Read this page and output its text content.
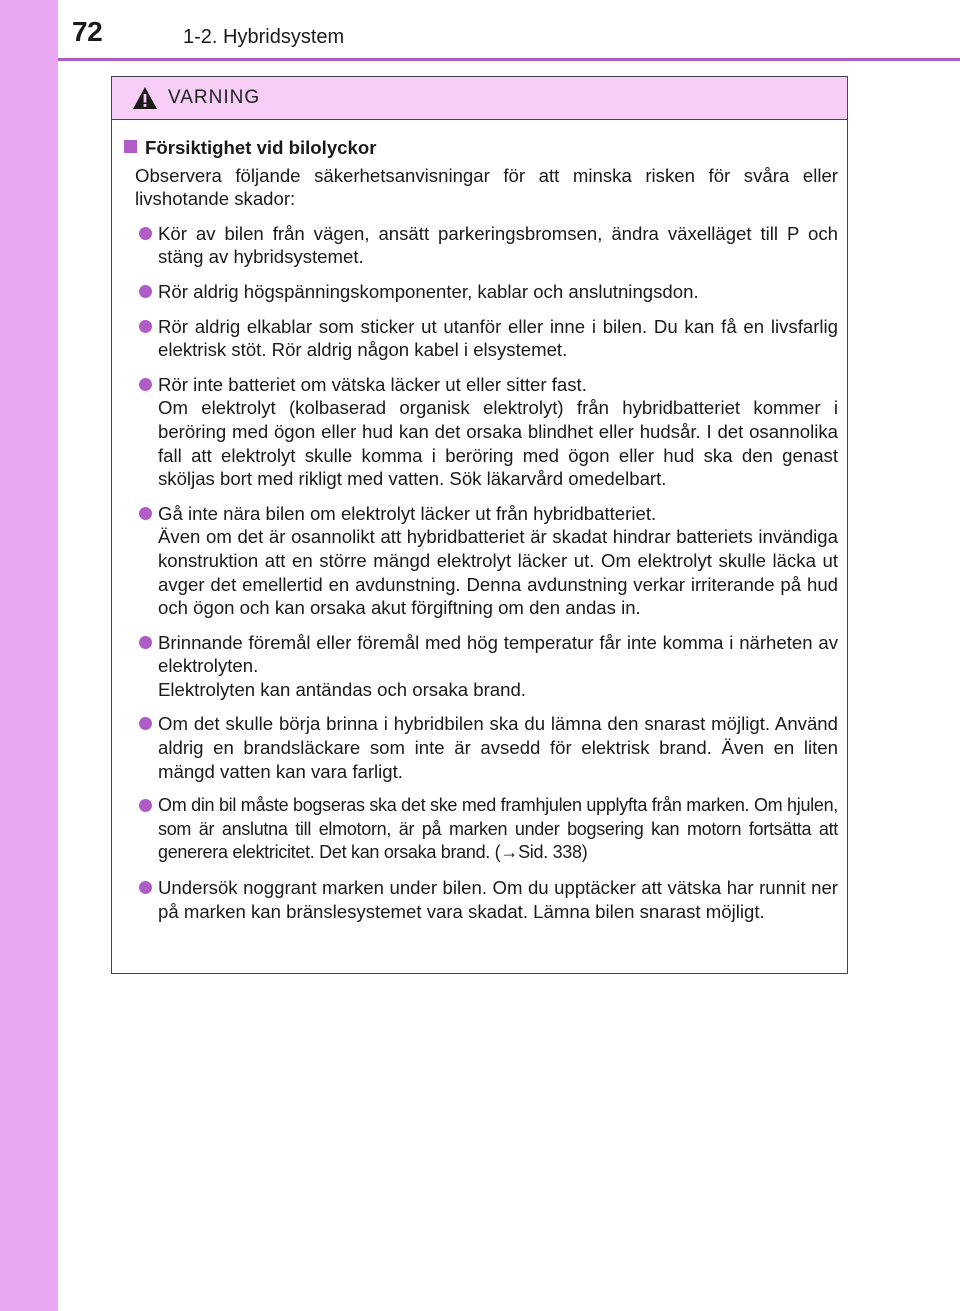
72	1-2. Hybridsystem
VARNING
Försiktighet vid bilolyckor
Observera följande säkerhetsanvisningar för att minska risken för svåra eller livshotande skador:

Kör av bilen från vägen, ansätt parkeringsbromsen, ändra växelläget till P och stäng av hybridsystemet.

Rör aldrig högspänningskomponenter, kablar och anslutningsdon.

Rör aldrig elkablar som sticker ut utanför eller inne i bilen. Du kan få en livsfarlig elektrisk stöt. Rör aldrig någon kabel i elsystemet.

Rör inte batteriet om vätska läcker ut eller sitter fast.

Om elektrolyt (kolbaserad organisk elektrolyt) från hybridbatteriet kommer i beröring med ögon eller hud kan det orsaka blindhet eller hudsår. I det osannolika fall att elektrolyt skulle komma i beröring med ögon eller hud ska den genast sköljas bort med rikligt med vatten. Sök läkarvård omedelbart.

Gå inte nära bilen om elektrolyt läcker ut från hybridbatteriet.

Även om det är osannolikt att hybridbatteriet är skadat hindrar batteriets invändiga konstruktion att en större mängd elektrolyt läcker ut. Om elektrolyt skulle läcka ut avger det emellertid en avdunstning. Denna avdunstning verkar irriterande på hud och ögon och kan orsaka akut förgiftning om den andas in.

Brinnande föremål eller föremål med hög temperatur får inte komma i närheten av elektrolyten.

Elektrolyten kan antändas och orsaka brand.

Om det skulle börja brinna i hybridbilen ska du lämna den snarast möjligt. Använd aldrig en brandsläckare som inte är avsedd för elektrisk brand. Även en liten mängd vatten kan vara farligt.

Om din bil måste bogseras ska det ske med framhjulen upplyfta från marken. Om hjulen, som är anslutna till elmotorn, är på marken under bogsering kan motorn fortsätta att generera elektricitet. Det kan orsaka brand. (→Sid. 338)

Undersök noggrant marken under bilen. Om du upptäcker att vätska har runnit ner på marken kan bränslesystemet vara skadat. Lämna bilen snarast möjligt.
